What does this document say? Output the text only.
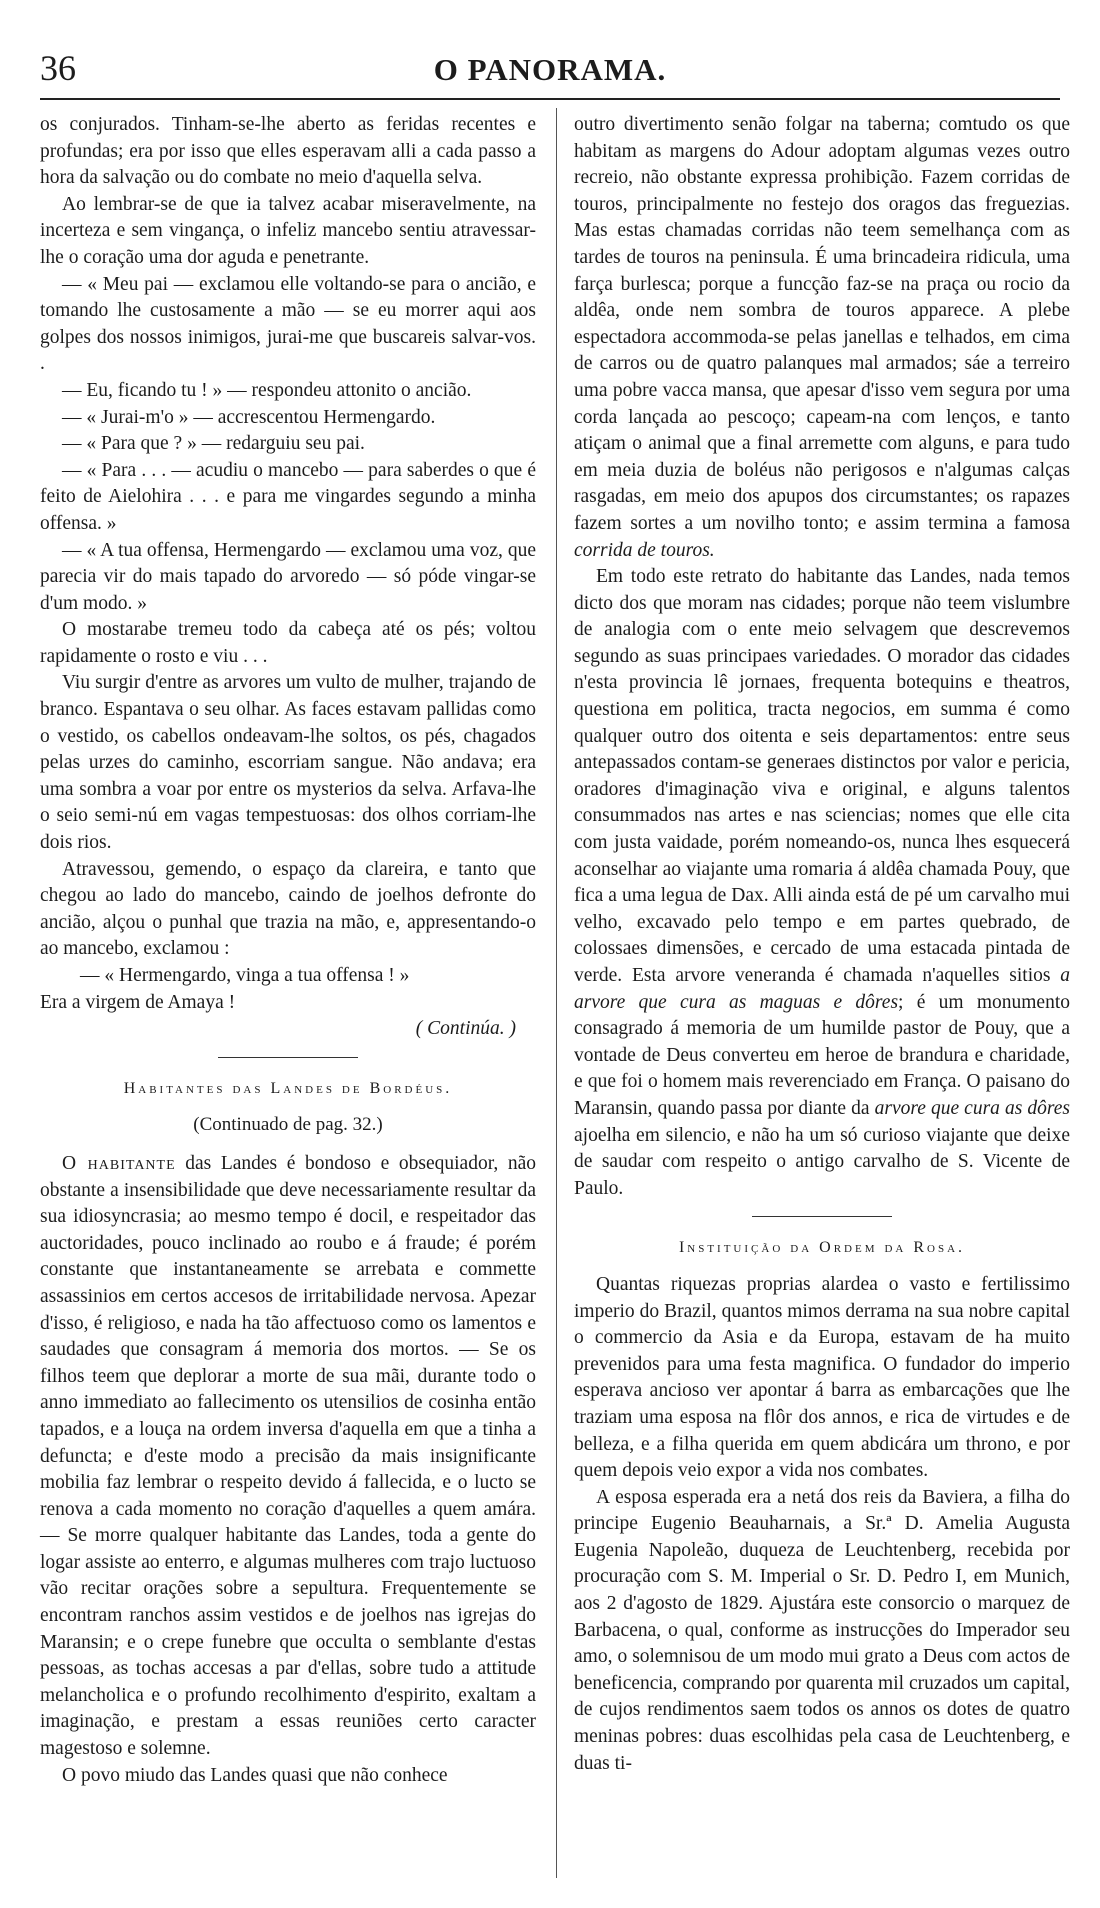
36	O PANORAMA.

os conjurados. Tinham-se-lhe aberto as feridas recentes e profundas; era por isso que elles esperavam alli a cada passo a hora da salvação ou do combate no meio d'aquella selva.

Ao lembrar-se de que ia talvez acabar miseravelmente, na incerteza e sem vingança, o infeliz mancebo sentiu atravessar-lhe o coração uma dor aguda e penetrante.

— « Meu pai — exclamou elle voltando-se para o ancião, e tomando lhe custosamente a mão — se eu morrer aqui aos golpes dos nossos inimigos, jurai-me que buscareis salvar-vos. .

— Eu, ficando tu ! » — respondeu attonito o ancião.

— « Jurai-m'o » — accrescentou Hermengardo.

— « Para que ? » — redarguiu seu pai.

— « Para . . . — acudiu o mancebo — para saberdes o que é feito de Aielohira . . . e para me vingardes segundo a minha offensa. »

— « A tua offensa, Hermengardo — exclamou uma voz, que parecia vir do mais tapado do arvoredo — só póde vingar-se d'um modo. »

O mostarabe tremeu todo da cabeça até os pés; voltou rapidamente o rosto e viu . . .

Viu surgir d'entre as arvores um vulto de mulher, trajando de branco. Espantava o seu olhar. As faces estavam pallidas como o vestido, os cabellos ondeavam-lhe soltos, os pés, chagados pelas urzes do caminho, escorriam sangue. Não andava; era uma sombra a voar por entre os mysterios da selva. Arfava-lhe o seio semi-nú em vagas tempestuosas: dos olhos corriam-lhe dois rios.

Atravessou, gemendo, o espaço da clareira, e tanto que chegou ao lado do mancebo, caindo de joelhos defronte do ancião, alçou o punhal que trazia na mão, e, appresentando-o ao mancebo, exclamou :

— « Hermengardo, vinga a tua offensa ! »

Era a virgem de Amaya !

( Continúa. )

Habitantes das Landes de Bordéus.
(Continuado de pag. 32.)

O habitante das Landes é bondoso e obsequiador, não obstante a insensibilidade que deve necessariamente resultar da sua idiosyncrasia; ao mesmo tempo é docil, e respeitador das auctoridades, pouco inclinado ao roubo e á fraude; é porém constante que instantaneamente se arrebata e commette assassinios em certos accesos de irritabilidade nervosa. Apezar d'isso, é religioso, e nada ha tão affectuoso como os lamentos e saudades que consagram á memoria dos mortos. — Se os filhos teem que deplorar a morte de sua mãi, durante todo o anno immediato ao fallecimento os utensilios de cosinha então tapados, e a louça na ordem inversa d'aquella em que a tinha a defuncta; e d'este modo a precisão da mais insignificante mobilia faz lembrar o respeito devido á fallecida, e o lucto se renova a cada momento no coração d'aquelles a quem amára. — Se morre qualquer habitante das Landes, toda a gente do logar assiste ao enterro, e algumas mulheres com trajo luctuoso vão recitar orações sobre a sepultura. Frequentemente se encontram ranchos assim vestidos e de joelhos nas igrejas do Maransin; e o crepe funebre que occulta o semblante d'estas pessoas, as tochas accesas a par d'ellas, sobre tudo a attitude melancholica e o profundo recolhimento d'espirito, exaltam a imaginação, e prestam a essas reuniões certo caracter magestoso e solemne.

O povo miudo das Landes quasi que não conhece

outro divertimento senão folgar na taberna; comtudo os que habitam as margens do Adour adoptam algumas vezes outro recreio, não obstante expressa prohibição. Fazem corridas de touros, principalmente no festejo dos oragos das freguezias. Mas estas chamadas corridas não teem semelhança com as tardes de touros na peninsula. É uma brincadeira ridicula, uma farça burlesca; porque a funcção faz-se na praça ou rocio da aldêa, onde nem sombra de touros apparece. A plebe espectadora accommoda-se pelas janellas e telhados, em cima de carros ou de quatro palanques mal armados; sáe a terreiro uma pobre vacca mansa, que apesar d'isso vem segura por uma corda lançada ao pescoço; capeam-na com lenços, e tanto atiçam o animal que a final arremette com alguns, e para tudo em meia duzia de boléus não perigosos e n'algumas calças rasgadas, em meio dos apupos dos circumstantes; os rapazes fazem sortes a um novilho tonto; e assim termina a famosa corrida de touros.

Em todo este retrato do habitante das Landes, nada temos dicto dos que moram nas cidades; porque não teem vislumbre de analogia com o ente meio selvagem que descrevemos segundo as suas principaes variedades. O morador das cidades n'esta provincia lê jornaes, frequenta botequins e theatros, questiona em politica, tracta negocios, em summa é como qualquer outro dos oitenta e seis departamentos: entre seus antepassados contam-se generaes distinctos por valor e pericia, oradores d'imaginação viva e original, e alguns talentos consummados nas artes e nas sciencias; nomes que elle cita com justa vaidade, porém nomeando-os, nunca lhes esquecerá aconselhar ao viajante uma romaria á aldêa chamada Pouy, que fica a uma legua de Dax. Alli ainda está de pé um carvalho mui velho, excavado pelo tempo e em partes quebrado, de colossaes dimensões, e cercado de uma estacada pintada de verde. Esta arvore veneranda é chamada n'aquelles sitios a arvore que cura as maguas e dôres; é um monumento consagrado á memoria de um humilde pastor de Pouy, que a vontade de Deus converteu em heroe de brandura e charidade, e que foi o homem mais reverenciado em França. O paisano do Maransin, quando passa por diante da arvore que cura as dôres ajoelha em silencio, e não ha um só curioso viajante que deixe de saudar com respeito o antigo carvalho de S. Vicente de Paulo.

Instituição da Ordem da Rosa.

Quantas riquezas proprias alardea o vasto e fertilissimo imperio do Brazil, quantos mimos derrama na sua nobre capital o commercio da Asia e da Europa, estavam de ha muito prevenidos para uma festa magnifica. O fundador do imperio esperava ancioso ver apontar á barra as embarcações que lhe traziam uma esposa na flôr dos annos, e rica de virtudes e de belleza, e a filha querida em quem abdicára um throno, e por quem depois veio expor a vida nos combates.

A esposa esperada era a netá dos reis da Baviera, a filha do principe Eugenio Beauharnais, a Sr.ª D. Amelia Augusta Eugenia Napoleão, duqueza de Leuchtenberg, recebida por procuração com S. M. Imperial o Sr. D. Pedro I, em Munich, aos 2 d'agosto de 1829. Ajustára este consorcio o marquez de Barbacena, o qual, conforme as instrucções do Imperador seu amo, o solemnisou de um modo mui grato a Deus com actos de beneficencia, comprando por quarenta mil cruzados um capital, de cujos rendimentos saem todos os annos os dotes de quatro meninas pobres: duas escolhidas pela casa de Leuchtenberg, e duas ti-
